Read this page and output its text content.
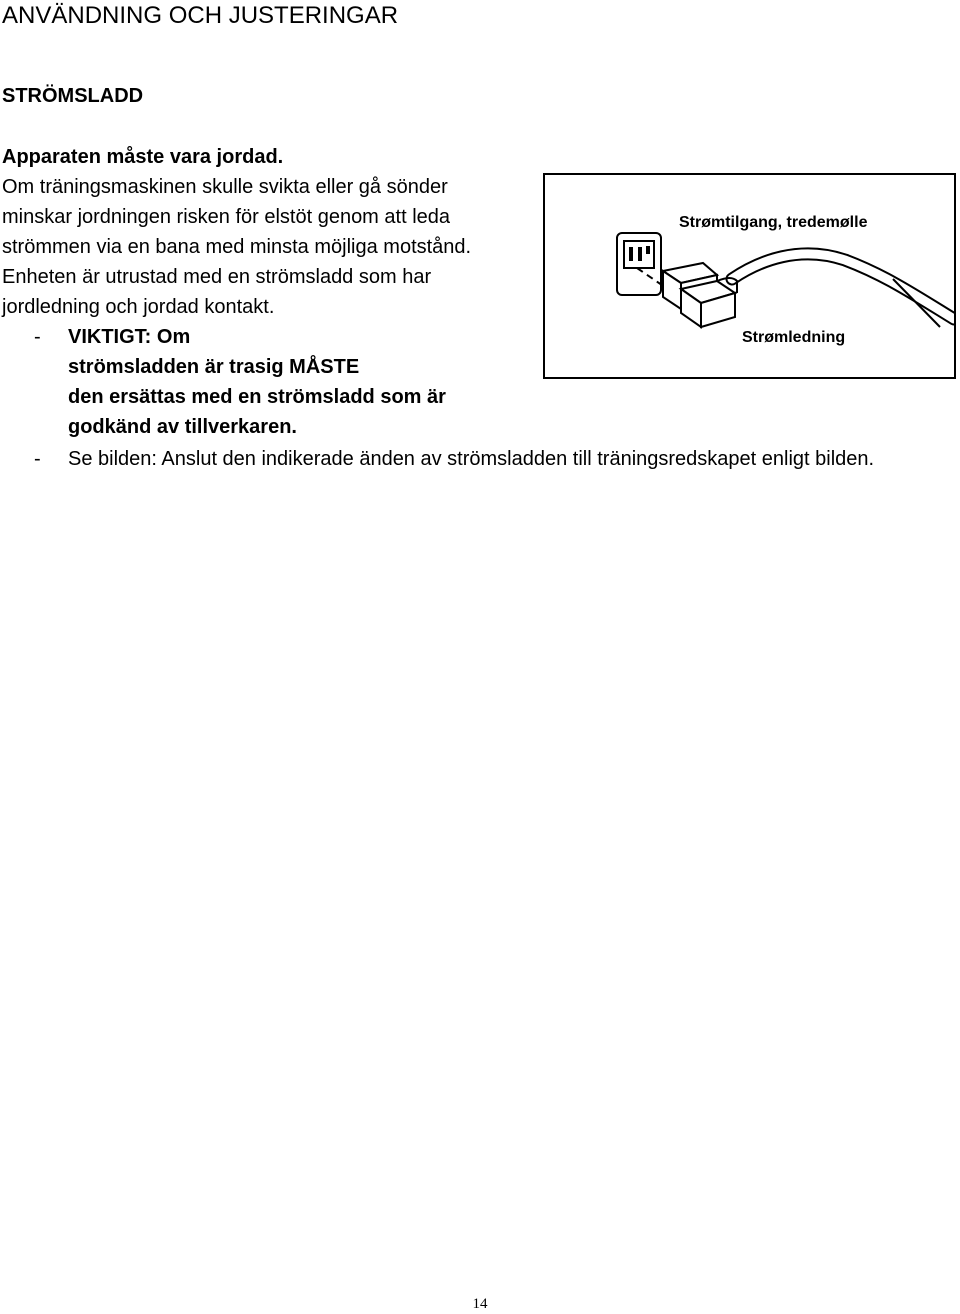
ANVÄNDNING OCH JUSTERINGAR
STRÖMSLADD
Apparaten måste vara jordad.
Om träningsmaskinen skulle svikta eller gå sönder
minskar jordningen risken för elstöt genom att leda
strömmen via en bana med minsta möjliga motstånd.
Enheten är utrustad med en strömsladd som har
jordledning och jordad kontakt.
- VIKTIGT: Om
strömsladden är trasig MÅSTE
den ersättas med en strömsladd som är
godkänd av tillverkaren.
- Se bilden: Anslut den indikerade änden av strömsladden till träningsredskapet enligt bilden.
Strømtilgang, tredemølle
Strømledning
14
